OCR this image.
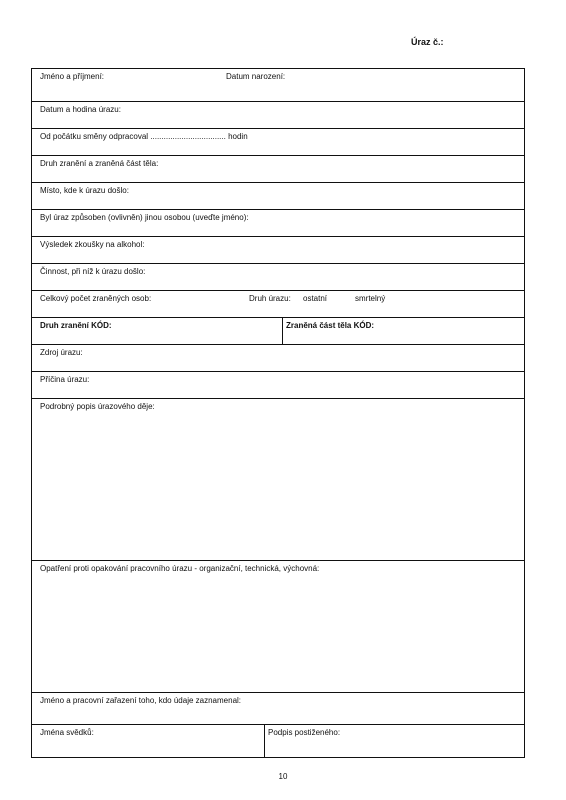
Úraz č.:
Jméno a příjmení:	Datum narození:
Datum a hodina úrazu:
Od počátku směny odpracoval .................................. hodin
Druh zranění a zraněná část těla:
Místo, kde k úrazu došlo:
Byl úraz způsoben (ovlivněn) jinou osobou (uveďte jméno):
Výsledek zkoušky na alkohol:
Činnost, při níž k úrazu došlo:
Celkový počet zraněných osob:	Druh úrazu: ostatní	smrtelný
Druh zranění KÓD:	Zraněná část těla KÓD:
Zdroj úrazu:
Příčina úrazu:
Podrobný popis úrazového děje:
Opatření proti opakování pracovního úrazu - organizační, technická, výchovná:
Jméno a pracovní zařazení toho, kdo údaje zaznamenal:
Jména svědků:	Podpis postiženého:
10
